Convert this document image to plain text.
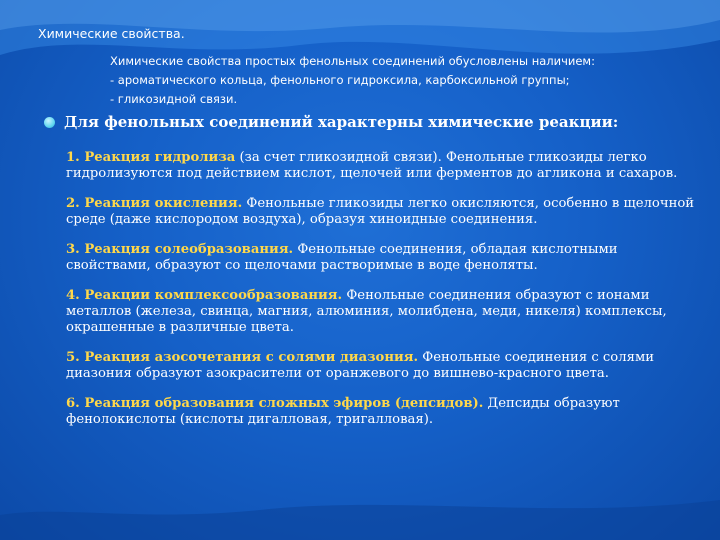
Химические свойства.
Химические свойства простых фенольных соединений обусловлены наличием:
- ароматического кольца, фенольного гидроксила, карбоксильной группы;
- гликозидной связи.
Для фенольных соединений характерны химические реакции:
1. Реакция гидролиза (за счет гликозидной связи). Фенольные гликозиды легко гидролизуются под действием кислот, щелочей или ферментов до агликона и сахаров.
2. Реакция окисления. Фенольные гликозиды легко окисляются, особенно в щелочной среде (даже кислородом воздуха), образуя хиноидные соединения.
3. Реакция солеобразования. Фенольные соединения, обладая кислотными свойствами, образуют со щелочами растворимые в воде феноляты.
4. Реакции комплексообразования. Фенольные соединения образуют с ионами металлов (железа, свинца, магния, алюминия, молибдена, меди, никеля) комплексы, окрашенные в различные цвета.
5. Реакция азосочетания с солями диазония. Фенольные соединения с солями диазония образуют азокрасители от оранжевого до вишнево-красного цвета.
6. Реакция образования сложных эфиров (депсидов). Депсиды образуют фенолокислоты (кислоты дигалловая, тригалловая).
